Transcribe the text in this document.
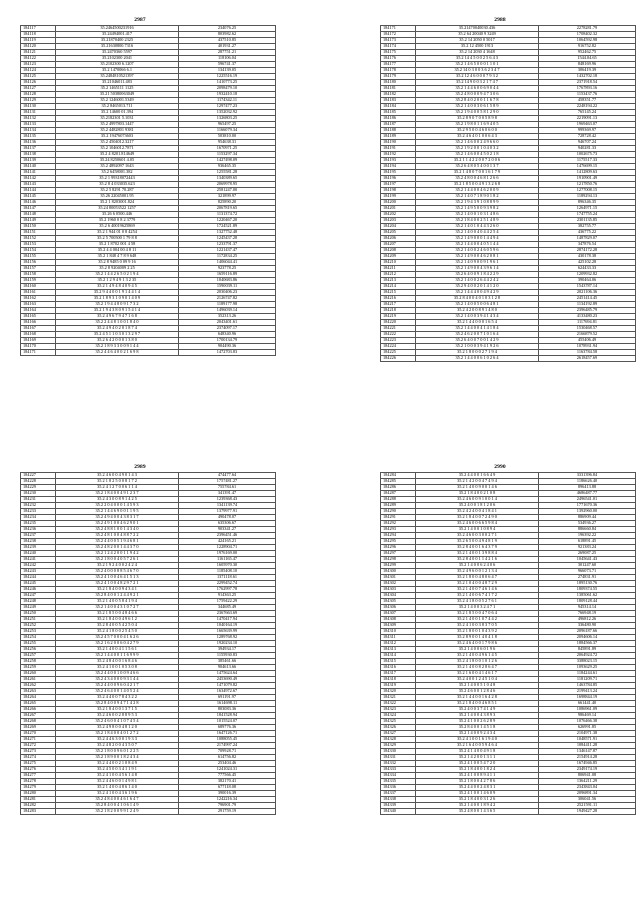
2987
184117	35.2464500231916	234076.25
184118	35.24494001.417	803982.62
184119	35.21870400 2325	437510.85
184120	35.21630800.7316	401931.27
184121	35.2470360 5597	287751.21
184122	35.2102300 2041	118106.04
184123	35.2102300 6.1207	596741.37
184124	35.2 1470066 6.1	134139.05
184125	35.2484810521397	1225516.19
184126	35.21046011.483	1410773.25
184127	35.2 1465111 1125	2098479.10
184128	35.21 50380063049	1932410.18
184129	35.2 1246001.5349	1174342.11
184130	35.2 8465013.711	1297477.23
184131	35.2 14600 01.394	1352032.92
184132	35.2182301 5.1031	1326803.25
184133	35.2 4997803.1447	965497.25
184134	35.2 4482801 9381	1166079.34
184135	35.2 19476073603	503810.00
184136	35.2 4504012.3217	954638.31
184137	35.2 1046012.7871	1670971.25
184138	35.2 4 8201.814649	1153297.34
184139	35.24 8250601 4.05	1427498.09
184140	35.2 4892097 1643	936465.35
184141	35.2 6458001.382	1255581.28
184142	35.2 1 99318072443	1340389.65
184143	35.2 8 4 033035.623	2069978.95
184144	35.2 5 8291 70.287	2581247.00
184145	35.26 22045001.95	321899.97
184146	35.2 1 8203001.824	825890.20
184147	35.24 80053522 1257	2067819.65
184148	35.26 6 0500.446	1131374.72
184149	35.2 1960 0 8 2 3779	1220467.20
184150	35.2 6 40019625869	1724521.89
184151	35.2 1 944 01 0 8 4254	1327752.48
184152	35.2 5 700500 1 79 8 8	1245437.28
184153	35.2 1 8702 001 4 58	1233791.37
184154	35.2 4 4 004 00 4 8 11	1221437.47
184155	35.2 1 848 4 7 8 9 648	1172834.25
184156	35.2 8 9485 0 09 9 16	1406044.41
184157	35.2 8 9204009 2 25	923778.25
184158	35.2 1 4 4 2 6 5 0 2 1 9 4	1659116.89
184159	35.2 1 2 9 4 9 1 3 2 35	1040683.86
184160	35.2 1 4 9 4 8 4 0 9 4 5	1590039.11
184161	35.2 9 4 4 0 0 1 9 1 4 4 1 4	2030406.23
184162	35.2 1 8 9 3 1 0 9 0 1 4 0 9	2126747.82
184163	35.2 1 9 4 4 8 0 9 1 7 3 2	1189177.98
184164	35.2 1 9 4 3 8 0 9 1 5 4 1 4	1496039.14
184165	35.2 4 9 6 7 9 4 7 1 6 8	352313.26
184166	35.2 2 4 4 8 1 0 0 1 8 4 0	2043401.61
184167	35.2 4 9 4 0 2 0 1 8 7 4	2374097.17
184168	35.2 4 5 1 1 0 3 0 1 3 2 9 7	648340.96
184169	35.2 6 4 2 0 0 0 1 3 8 0	1700134.79
184170	35.2 1 8 9 3 3 0 0 9 1 4 4	904490.36
184171	35.2 4 4 6 4 0 0 2 1 6 9 8	1472703.83
2988
184171	35.21470040030.436	2278281.79
184172	35.2 64 20040 9 3249	1708402.32
184173	35.2 14 2050 0 5017	1064592.98
184174	35.2 12 4500 1913	916752.82
184175	35.2 14 2030 4 1648	952462.75
184176	35.2 14 4 5 0 0 2 5 6 4 3	1544.04.65
184177	35.2 1 4 6 5 0 0 0 1 1 0 1	848169.96
184178	35.2 14 0 3 0 0 3 6 2 3 4 7	306419.39
184179	35.2 12 4 6 0 0 0 7 9 3 2	1432702.18
184180	35.2 14 9 0 0 3 2 1 7 4 7	2371918.54
184181	35.2 1 4 4 6 0 0 6 9 0 4 4	1767893.16
184182	35.2 4 8 0 0 0 9 4 7 3 0 6	1153437.76
184183	35.2 8 4 0 2 0 0 1 1 6 7 8	458351.77
184184	35.2 1 4 0 0 3 0 6 1 5 8 9	2248194.22
184185	35.2 1 9 4 0 0 5 8 1 2 9 0	765145.24
184186	35.2 8 9 0 7 0 0 5 8 9 8	2219091.13
184187	35.2 1 9 8 0 1 1 6 9 4 0 5	1969463.07
184188	35.2 9 5 0 0 4 6 0 6 0 0	999369.97
184189	35.2 4 6 4 0 1 0 0 6 4 3	728728.42
184190	35.2 1 4 6 0 0 2 4 9 6 6 0	946707.24
184191	35.2 1 9 2 0 0 1 0 4 0 3 2	940281.33
184192	35.2 1 4 6 0 0 4 5 0 2 1 8	1002675.73
184193	35.2 1 1 4 2 2 0 0 7 2 0 0 6	1175517.33
184194	35.2 6 4 8 0 5 4 0 0 1 3 7	1476699.15
184195	35.2 1 4 8 0 7 0 0 1 6 1 7 9	1412809.63
184196	35.2 4 8 0 0 4 6 8 1 2 6 6	1910901.49
184197	35.2 1 8 5 0 0 4 9 1 3 2 6 8	1217850.76
184198	35.2 1 4 4 0 0 4 6 2 0 0 9	1277008.15
184199	35.2 1 4 0 7 1 8 9 0 1 8 2	1189294.13
184200	35.2 1 9 4 3 9 1 0 8 8 9 9	896346.35
184201	35.2 1 4 9 5 0 0 9 3 9 8 2	1264971.15
184202	35.2 1 4 0 0 1 0 3 1 4 8 6	1747755.24
184203	35.2 1 8 4 0 0 2 5 1 4 8 9	2301135.85
184204	35.2 1 4 0 1 0 4 4 3 2 6 0	382755.77
184205	35.2 1 4 0 0 4 0 4 4 2 5 4	436775.22
184206	35.2 1 4 9 0 0 0 1 4 4 9 4	1487829.07
184207	35.2 1 4 4 0 0 4 0 5 1 4 4	347876.54
184208	35.2 1 4 0 0 2 4 6 0 5 9 6	2874172.28
184209	35.2 1 4 9 0 0 4 6 2 0 8 1	430178.38
184210	35.2 1 4 0 9 0 0 9 1 9 6 1	425102.28
184211	35.2 1 4 9 0 0 4 3 9 6 1 4	624433.33
184212	35.2 6 4 0 0 9 1 8 4 2 2 9	1209932.82
184213	35.2 1 4 0 0 2 6 4 4 2 4 2	390464.06
184214	35.2 9 4 0 0 2 0 1 4 1 2 0	1543787.14
184215	35.2 1 4 4 4 0 0 4 9 4 2 9	2021106.36
184216	35.2 8 4 0 0 4 0 1 0 3 1 2 8	2451414.45
184217	35.2 1 4 0 0 5 0 0 6 4 8 1	1134192.89
184218	35.2 4 2 0 0 8 9 1 4 8 0	2396485.79
184219	35.2 1 4 0 0 3 9 4 1 4 3 4	4133480.23
184220	35.2 1 4 4 0 0 0 1 6 5 4	1117694.81
184221	35.2 1 4 4 0 0 4 1 4 1 8 4	1530468.57
184222	35.2 4 6 2 0 0 7 1 0 1 6 4	2166879.52
184223	35.2 6 4 0 0 7 0 0 1 4 2 9	455406.49
184224	35.2 1 0 0 0 3 9 4 1 9 2 6	1078931.94
184225	35.2 1 8 0 0 0 2 7 1 9 4	1163784.58
184226	35.2 1 4 4 0 0 6 1 0 2 6 4	2618457.69
2989
184227	35.2 4 6 0 0 4 9 0 1 4 3	474477.64
184228	35.2 1 8 2 5 0 0 8 1 7 2	1757481.27
184229	35.2 4 1 2 7 0 0 6 1 1 4	755784.61
184230	35.2 1 8 4 0 0 4 9 1 2 3 7	341391.47
184231	35.2 4 3 0 0 8 9 1 4 2 5	1239368.43
184232	35.2 2 0 4 0 0 0 1 4 5 9 3	1341139.74
184233	35.2 1 4 4 6 9 0 0 1 1 9 5	1379977.91
184234	35.2 4 9 4 0 0 4 3 8 3 1 7	490478.07
184235	35.2 4 9 1 0 0 4 6 2 9 0 1	635306.67
184236	35.2 4 8 8 1 0 0 1 4 3 4 0	903341.27
184237	35.2 4 8 1 0 0 4 8 8 7 2 2	2396451.46
184238	35.2 4 4 0 0 5 1 9 4 6 8 1	424165.21
184239	35.2 4 8 2 0 0 1 4 4 3 7 0	1228904.71
184240	35.2 1 2 4 2 0 0 1 1 9 4 2	1976169.00
184241	35.2 1 8 0 0 4 0 5 7 2 6 1	1161165.47
184242	35.2 1 9 2 4 0 0 2 4 2 4	1605970.30
184243	35.2 4 0 0 0 8 8 5 4 6 7 0	1185408.10
184244	35.2 4 1 0 0 4 6 4 1 5 1 3	1371118.61
184245	35.2 4 1 0 0 4 8 2 9 7 2 1	2299452.74
184246	35.2 1 8 4 0 0 9 4 3 4 1	1762997.78
184247	35.2 8 4 0 0 1 2 4 4 9 2 1	914363.25
184248	35.2 1 4 0 0 5 8 4 1 9 4	1759422.29
184249	35.2 1 4 0 0 4 3 1 0 7 2 7	344685.49
184250	35.2 1 8 5 0 0 4 8 4 6 6	2367663.69
184251	35.2 1 8 4 0 0 4 9 6 1 2	1470417.94
184252	35.2 8 4 0 0 5 4 2 5 0 4	1040164.19
184253	35.2 4 1 8 0 0 2 5 4 5 0	1665639.99
184254	35.2 4 5 7 0 0 0 4 1 6 2 6	1289768.92
184255	35.2 1 6 2 0 0 6 0 4 2 7 9	1920234.10
184256	35.2 1 4 0 0 4 1 1 5 6 1	394934.17
184257	35.2 1 4 4 0 0 1 1 6 9 9 9	1155930.83
184258	35.2 4 8 4 0 0 1 6 8 4 6	385461.66
184259	35.2 4 1 0 0 1 0 5 3 0 8	904613.66
184260	35.2 4 4 0 0 1 0 0 9 4 6 6	1475624.64
184261	35.2 4 3 4 0 0 0 9 3 1 4 4	2453690.49
184262	35.2 4 4 0 0 9 6 0 4 2 1 7	1471079.82
184263	35.2 4 6 4 0 0 1 4 0 5 2 4	1634972.67
184264	35.2 4 4 0 0 7 8 4 3 2 2	691191.97
184265	35.2 8 4 0 0 9 4 7 1 4 2 8	1614698.11
184266	35.2 1 8 4 0 0 1 3 7 1 5	803083.36
184267	35.2 4 6 0 0 2 8 8 9 5 3	1841528.94
184268	35.2 4 6 0 0 4 1 0 7 4 5 4	1015524.07
184269	35.2 4 9 8 0 0 4 8 1 2 0	689776.36
184270	35.2 1 8 4 0 0 4 0 1 2 7 2	1647126.71
184271	35.2 4 4 6 3 0 0 1 9 3 3	1088055.45
184272	35.2 4 8 2 0 0 4 3 5 0 7	2174997.24
184273	35.2 1 8 0 0 9 6 0 1 2 2 5	709928.71
184274	35.2 1 8 9 0 0 1 8 2 4 3 4	614756.82
184275	35.2 4 4 0 0 2 1 0 8 4 9	253404.46
184276	35.2 4 5 0 0 3 4 1 1 9 1	1241024.31
184277	35.2 4 1 0 0 4 5 6 1 4 8	777566.45
184278	35.2 4 4 6 0 0 1 4 9 8 1	382170.41
184279	35.2 1 4 0 0 4 8 6 1 4 0	677118.08
184280	35.2 4 1 0 0 4 3 6 1 9 6	390016.39
184281	35.2 4 8 4 0 0 4 6 1 6 4 7	1242216.34
184282	35.2 8 4 0 0 4 1 0 6 1 4 9	796901.79
184283	35.2 1 8 2 0 0 9 9 1 2 4 9	291759.19
2990
184284	35.2 4 4 0 0 1 6 6 4 9	3331396.84
184285	35.2 1 4 2 0 0 4 7 4 9 4	1186626.40
184286	35.2 1 4 0 0 9 0 0 1 4 6	896413.88
184287	35.2 1 8 4 0 0 2 1 0 8	4686487.77
184288	35.2 4 6 0 0 9 1 0 0 1 4	2496541.01
184289	35.2 4 0 0 1 8 1 2 0 6	1771670.36
184290	35.2 4 2 4 0 0 4 1 8 4 1	1392960.00
184291	35.2 1 8 4 0 0 7 2 4 9 0	886909.44
184292	35.2 4 6 0 0 6 6 5 9 8 4	534936.27
184293	35.2 1 4 0 0 1 0 8 9 4	886660.84
184294	35.2 4 6 0 0 3 0 0 2 7 1	196392.22
184295	35.2 6 5 0 0 4 9 4 8 1 9	618891.45
184296	35.2 8 4 0 0 1 6 4 3 7 9	921383.24
184297	35.2 1 4 0 0 1 3 9 8 8 4	269087.25
184298	35.2 8 4 0 0 1 1 4 2 1 6	1045641.43
184299	35.2 1 4 0 0 6 2 4 0 6	301247.60
184300	35.2 4 9 6 0 0 1 2 1 3 4	966073.71
184301	35.2 1 8 0 0 4 8 0 6 4 7	274831.91
184302	35.2 1 0 4 0 0 4 8 7 2 9	1895130.76
184303	35.2 1 4 0 0 7 4 6 1 4 6	1809374.55
184304	35.2 1 4 0 0 6 7 4 1 7 2	1385061.62
184305	35.2 4 1 8 0 0 5 2 7 6 1	1809128.44
184306	35.2 1 4 0 0 3 2 4 7 1	945314.14
184307	35.2 1 8 5 0 0 4 7 0 6 4	766948.19
184308	35.2 1 4 0 0 1 0 7 4 4 2	496812.26
184309	35.2 4 1 0 0 3 8 3 7 0 5	336480.90
184310	35.2 1 8 0 0 1 0 4 3 9 2	2096187.66
184311	35.2 8 9 0 0 1 4 0 4 1 8	2094606.14
184312	35.2 4 6 4 0 0 1 7 9 8 6	1884566.37
184313	35.2 1 4 0 0 6 0 1 9 6	845891.89
184314	35.2 1 4 0 0 4 9 6 1 4 5	2064924.72
184315	35.2 4 1 8 0 0 1 0 1 2 6	3388023.15
184316	35.2 1 4 0 0 8 2 8 6 4 7	1093629.25
184317	35.2 1 6 0 0 4 1 4 6 1 7	1184244.61
184318	35.2 4 0 0 1 2 4 5 1 0 4	1181209.71
184319	35.2 1 4 0 0 5 1 0 4 8	1463784.85
184320	35.2 4 6 0 0 1 2 8 4 6	2199413.24
184321	35.2 1 4 4 0 0 1 6 4 2 8	1698844.19
184322	35.2 1 8 4 0 0 4 6 8 5 1	661441.40
184323	35.2 4 0 0 3 7 4 1 4 9	1086961.09
184324	35.2 1 4 0 0 4 3 8 9 3	986469.14
184325	35.2 4 1 0 0 2 6 2 8 9	1076466.38
184326	35.2 8 4 0 0 1 4 5 1 8	626991.85
184327	35.2 1 4 0 0 9 2 4 3 4	2104971.38
184328	35.2 4 1 0 0 1 6 1 9 4 0	1048571.91
184329	35.2 1 6 4 0 0 5 9 4 6 4	1084411.28
184330	35.2 4 1 4 0 0 4 9 1 8	1346147.87
184331	35.2 1 4 2 0 0 1 3 1 1	2154914.28
184332	35.2 4 1 0 0 5 4 7 2 0	1674946.85
184333	35.2 1 8 4 0 0 1 8 2 4	2349174.19
184334	35.2 4 1 0 0 8 9 4 1 1	806941.08
184335	35.2 1 8 0 0 4 2 7 8 6	1364211.29
184336	35.2 4 4 0 0 2 4 8 3 1	2343843.04
184337	35.2 4 1 0 0 1 4 6 0 9	2096891.34
184338	35.2 1 8 4 0 0 3 1 2 6	306041.56
184339	35.2 1 4 0 0 1 8 9 4 2	2521591.11
184340	35.2 4 8 0 0 1 4 3 6 5	1949427.28
